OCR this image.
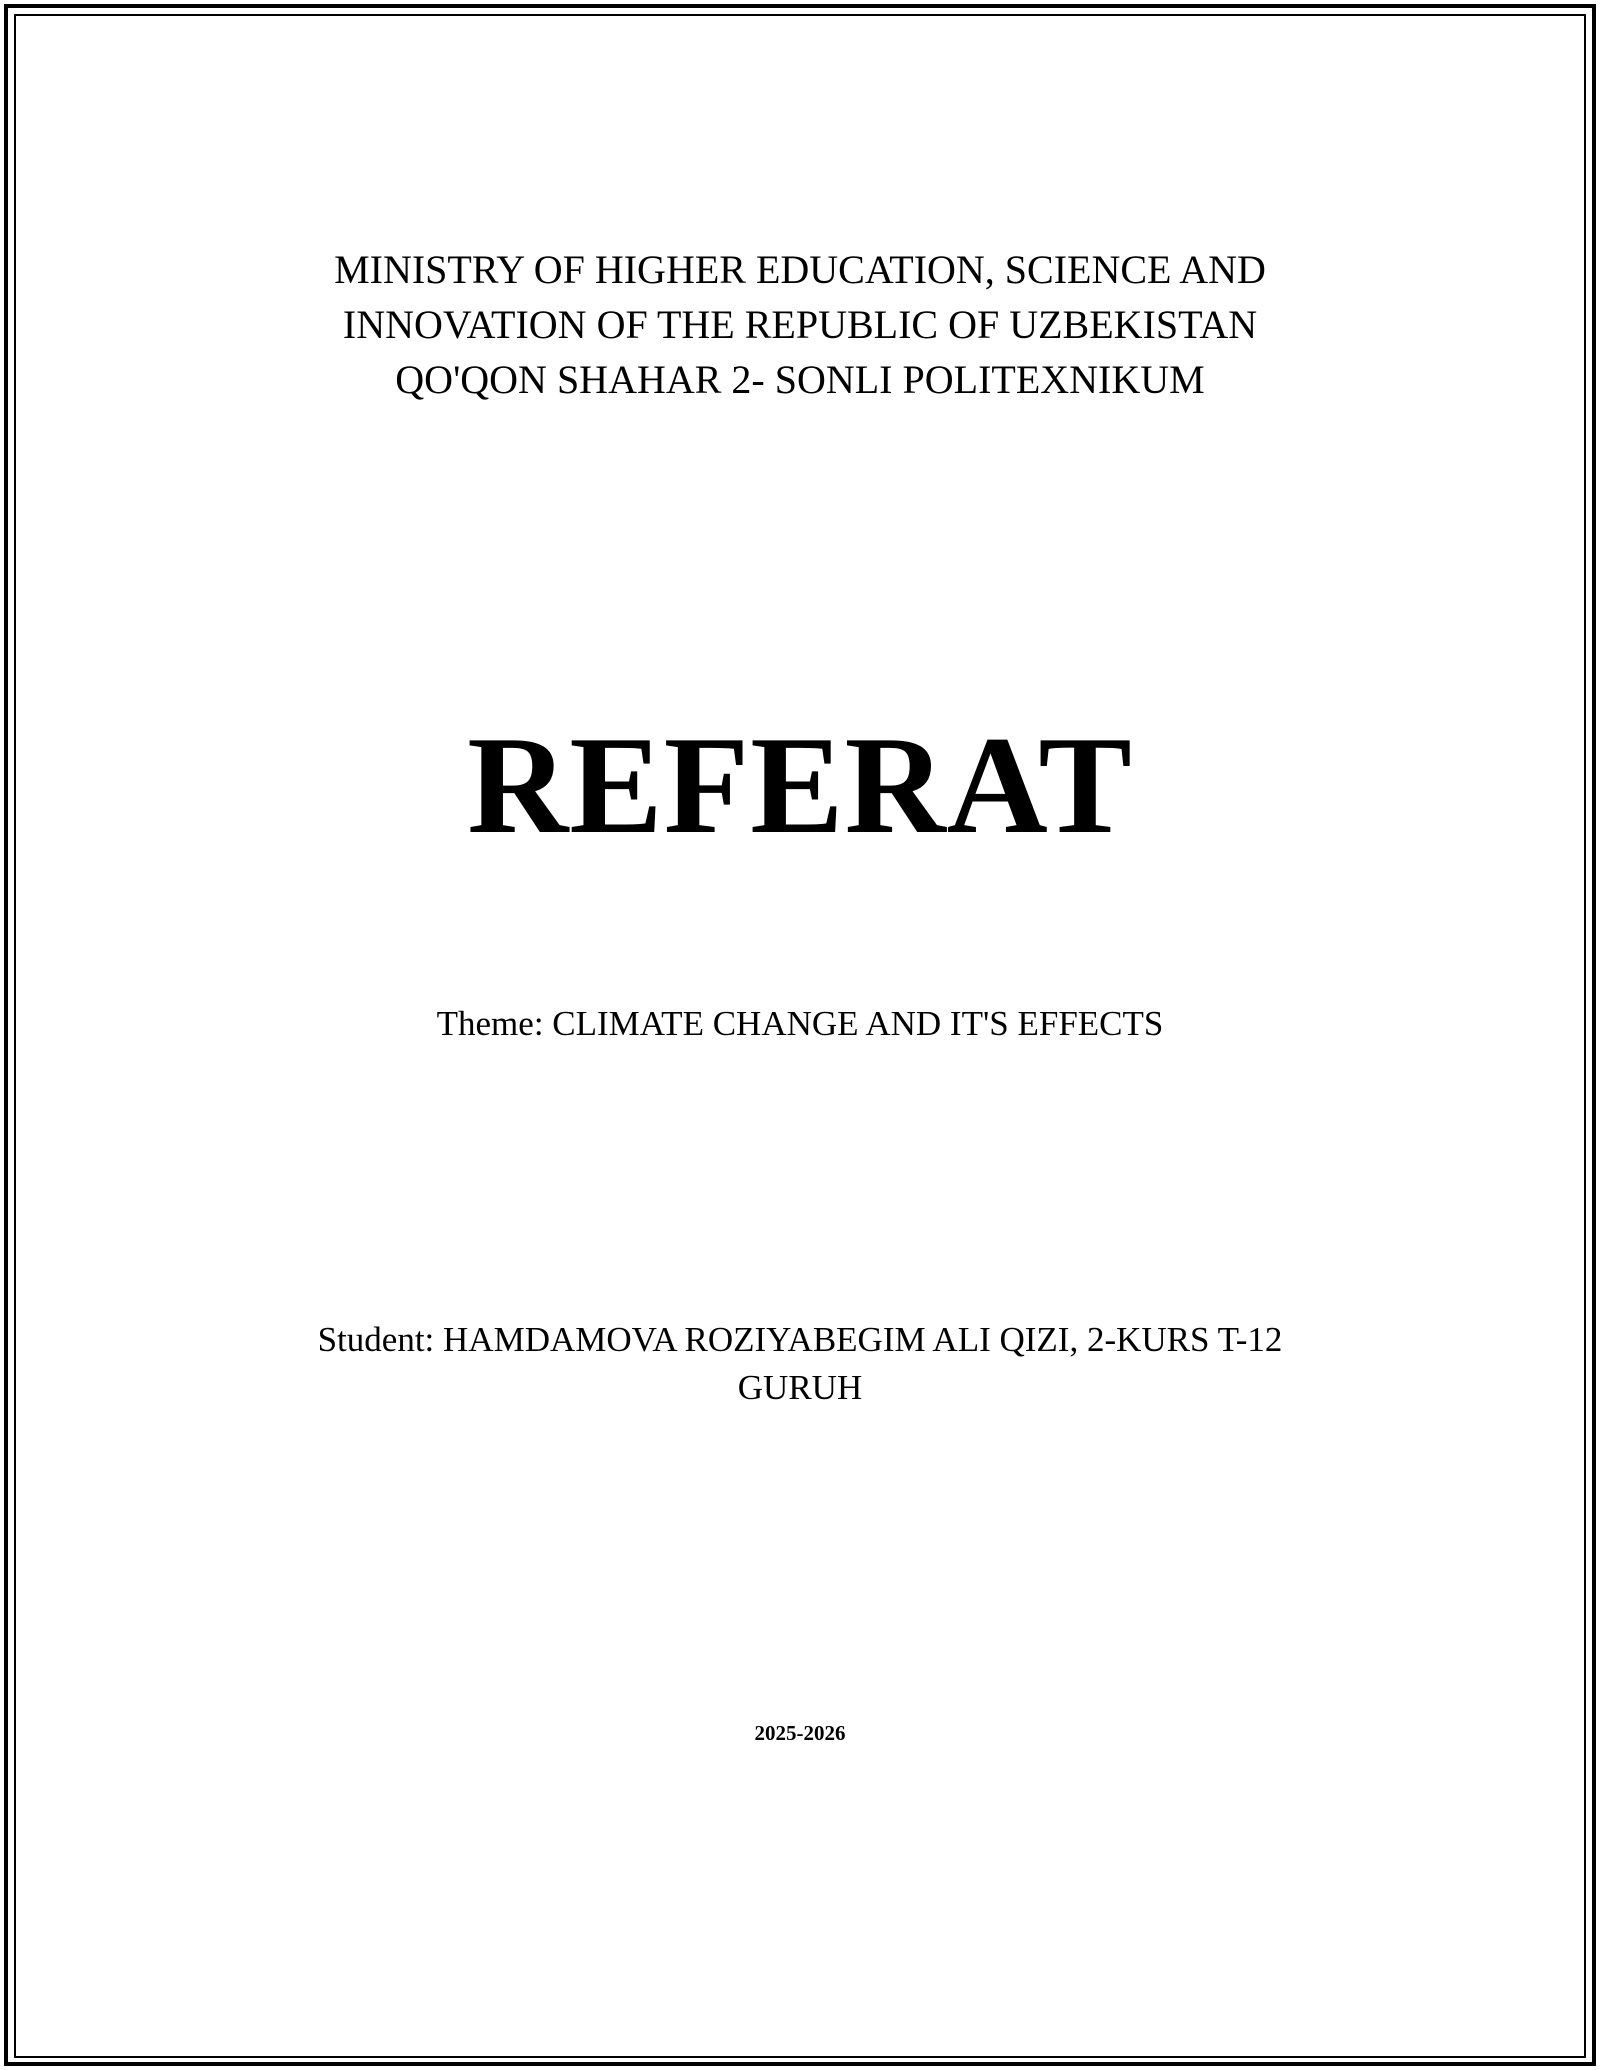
MINISTRY OF HIGHER EDUCATION, SCIENCE AND
INNOVATION OF THE REPUBLIC OF UZBEKISTAN
QO'QON SHAHAR 2- SONLI POLITEXNIKUM
REFERAT
Theme: CLIMATE CHANGE AND IT'S EFFECTS
Student: HAMDAMOVA ROZIYABEGIM ALI QIZI, 2-KURS T-12
GURUH
2025-2026
